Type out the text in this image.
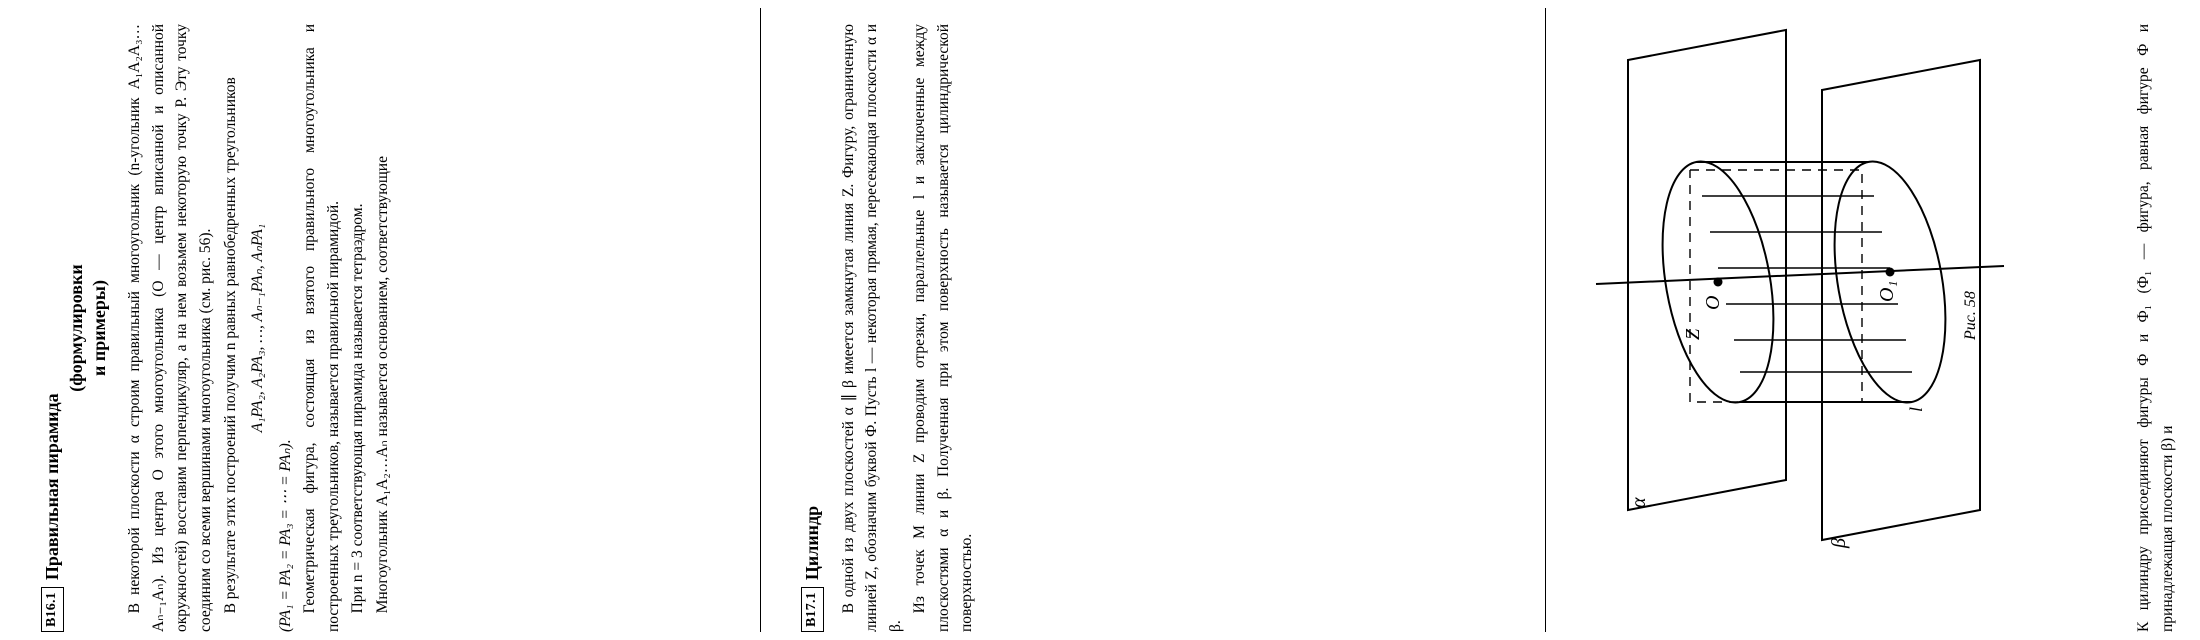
B16.1Правильная пирамида
(формулировки и примеры) В некоторой плоскости α строим правильный многоугольник (n-угольник A₁A₂A₃…Aₙ₋₁Aₙ). Из центра O этого многоугольника (O — центр вписанной и описанной окружностей) восставим перпендикуляр, а на нем возьмем некоторую точку P. Эту точку соединим со всеми вершинами многоугольника (см. рис. 56). В результате этих построений получим n равных равнобедренных треугольников A₁PA₂, A₂PA₃, …, Aₙ₋₁PAₙ, AₙPA₁

(PA₁ = PA₂ = PA₃ = ⋯ = PAₙ). Геометрическая фигура, состоящая из взятого правильного многоугольника и построенных треугольников, называется правильной пирамидой. При n = 3 соответствующая пирамида называется тетраэдром. Многоугольник A₁A₂…Aₙ называется основанием, соответствующие	B17.1Цилиндр В одной из двух плоскостей α ∥ β имеется замкнутая линия Z. Фигуру, ограниченную линией Z, обозначим буквой Ф. Пусть l — некоторая прямая, пересекающая плоскости α и β.

Из точек M линии Z проводим отрезки, параллельные l и заключенные между плоскостями α и β. Полученная при этом поверхность называется цилиндрической поверхностью.

Z
O
O₁
α
β
l
Рис. 58	К цилиндру присоединяют фигуры Ф и Ф₁ (Ф₁ — фигура, равная фигуре Ф и принадлежащая плоскости β) и
